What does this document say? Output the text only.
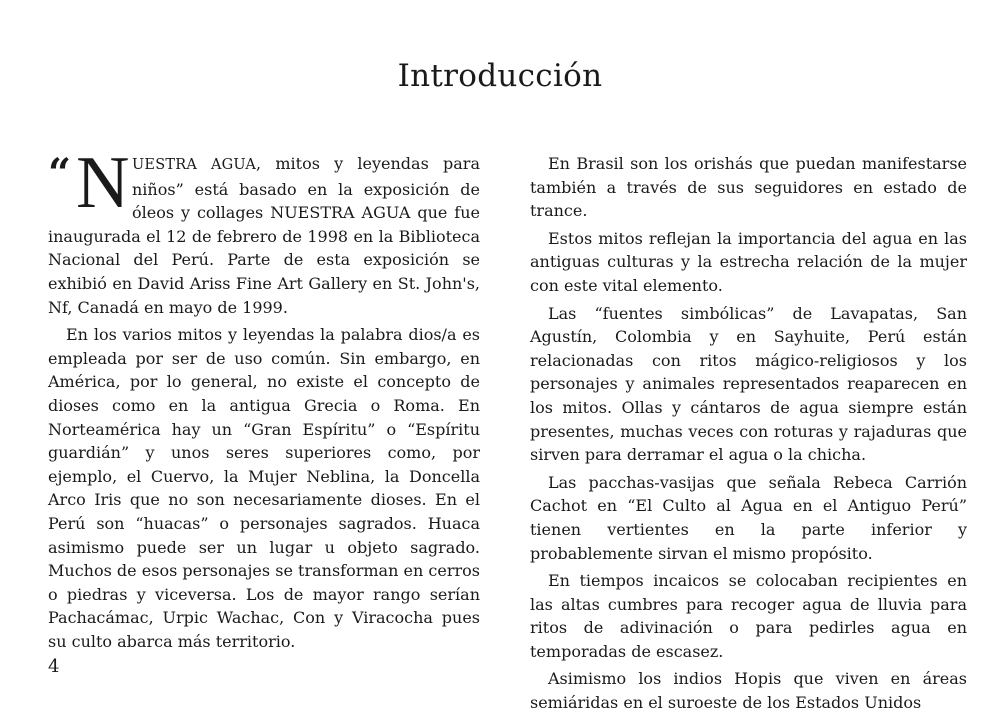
Introducción

“ N UESTRA AGUA, mitos y leyendas para niños” está basado en la exposición de óleos y collages NUESTRA AGUA que fue inaugurada el 12 de febrero de 1998 en la Biblioteca Nacional del Perú. Parte de esta exposición se exhibió en David Ariss Fine Art Gallery en St. John's, Nf, Canadá en mayo de 1999.

En los varios mitos y leyendas la palabra dios/a es empleada por ser de uso común. Sin embargo, en América, por lo general, no existe el concepto de dioses como en la antigua Grecia o Roma. En Norteamérica hay un “Gran Espíritu” o “Espíritu guardián” y unos seres superiores como, por ejemplo, el Cuervo, la Mujer Neblina, la Doncella Arco Iris que no son necesariamente dioses. En el Perú son “huacas” o personajes sagrados. Huaca asimismo puede ser un lugar u objeto sagrado. Muchos de esos personajes se transforman en cerros o piedras y viceversa. Los de mayor rango serían Pachacámac, Urpic Wachac, Con y Viracocha pues su culto abarca más territorio.

En Brasil son los orishás que puedan manifestarse también a través de sus seguidores en estado de trance.

Estos mitos reflejan la importancia del agua en las antiguas culturas y la estrecha relación de la mujer con este vital elemento.

Las “fuentes simbólicas” de Lavapatas, San Agustín, Colombia y en Sayhuite, Perú están relacionadas con ritos mágico-religiosos y los personajes y animales representados reaparecen en los mitos. Ollas y cántaros de agua siempre están presentes, muchas veces con roturas y rajaduras que sirven para derramar el agua o la chicha.

Las pacchas-vasijas que señala Rebeca Carrión Cachot en “El Culto al Agua en el Antiguo Perú” tienen vertientes en la parte inferior y probablemente sirvan el mismo propósito.

En tiempos incaicos se colocaban recipientes en las altas cumbres para recoger agua de lluvia para ritos de adivinación o para pedirles agua en temporadas de escasez.

Asimismo los indios Hopis que viven en áreas semiáridas en el suroeste de los Estados Unidos

4
